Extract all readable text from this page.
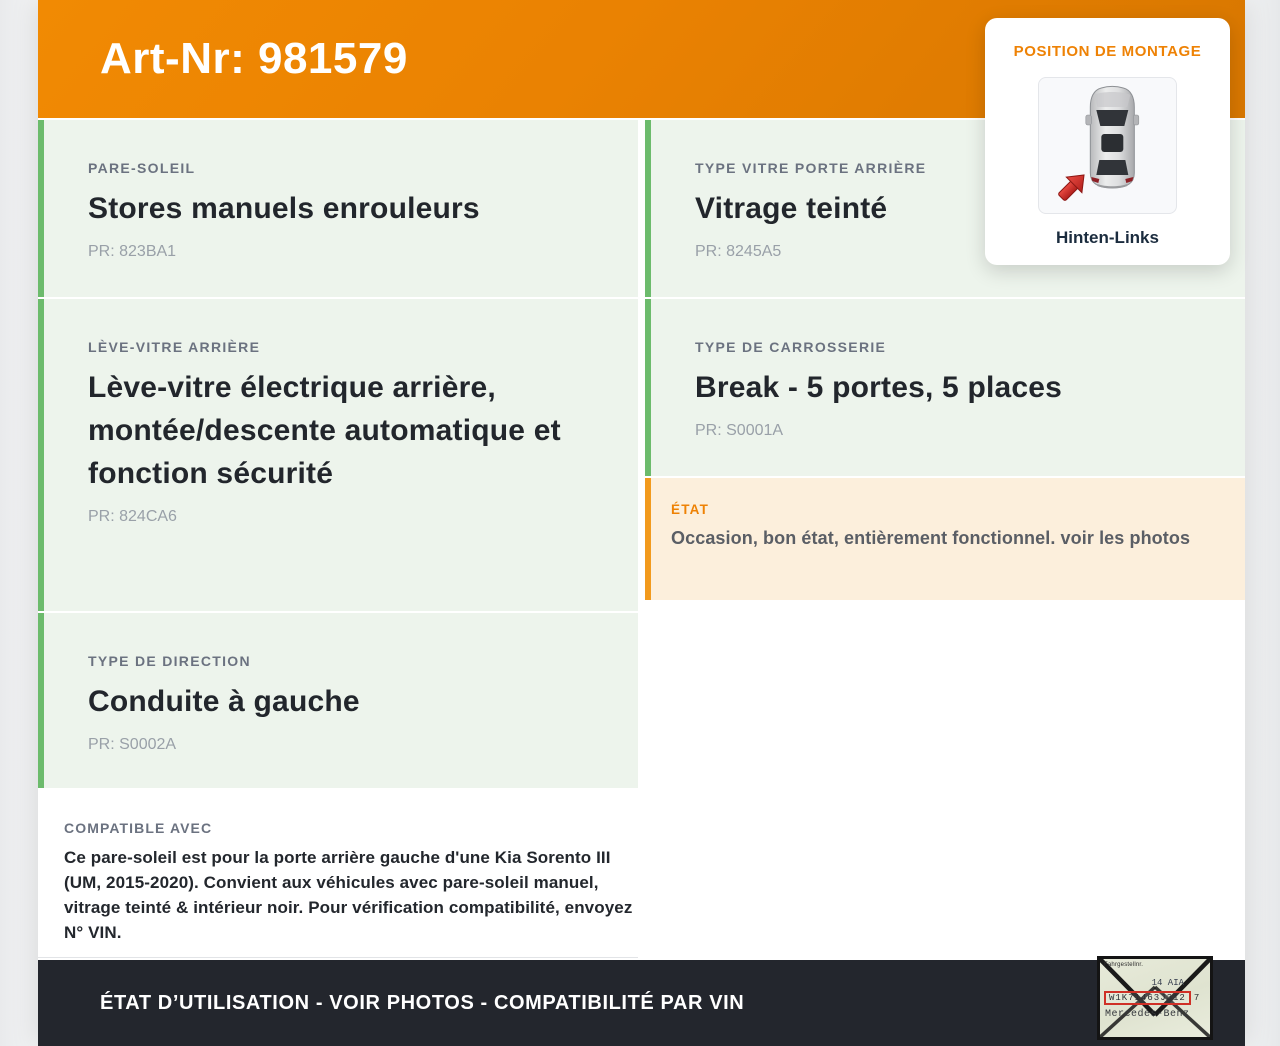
Art-Nr: 981579
PARE-SOLEIL
Stores manuels enrouleurs
PR: 823BA1
LÈVE-VITRE ARRIÈRE
Lève-vitre électrique arrière, montée/descente automatique et fonction sécurité
PR: 824CA6
TYPE DE DIRECTION
Conduite à gauche
PR: S0002A
COMPATIBLE AVEC
Ce pare-soleil est pour la porte arrière gauche d'une Kia Sorento III (UM, 2015-2020). Convient aux véhicules avec pare-soleil manuel, vitrage teinté & intérieur noir. Pour vérification compatibilité, envoyez N° VIN.
TYPE VITRE PORTE ARRIÈRE
Vitrage teinté
PR: 8245A5
TYPE DE CARROSSERIE
Break - 5 portes, 5 places
PR: S0001A
ÉTAT
Occasion, bon état, entièrement fonctionnel. voir les photos
ÉTAT D’UTILISATION - VOIR PHOTOS - COMPATIBILITÉ PAR VIN
POSITION DE MONTAGE
Hinten-Links
Fahrgestellnr.
14 AIA
W1K71463J312 7
Mercedes-Benz
